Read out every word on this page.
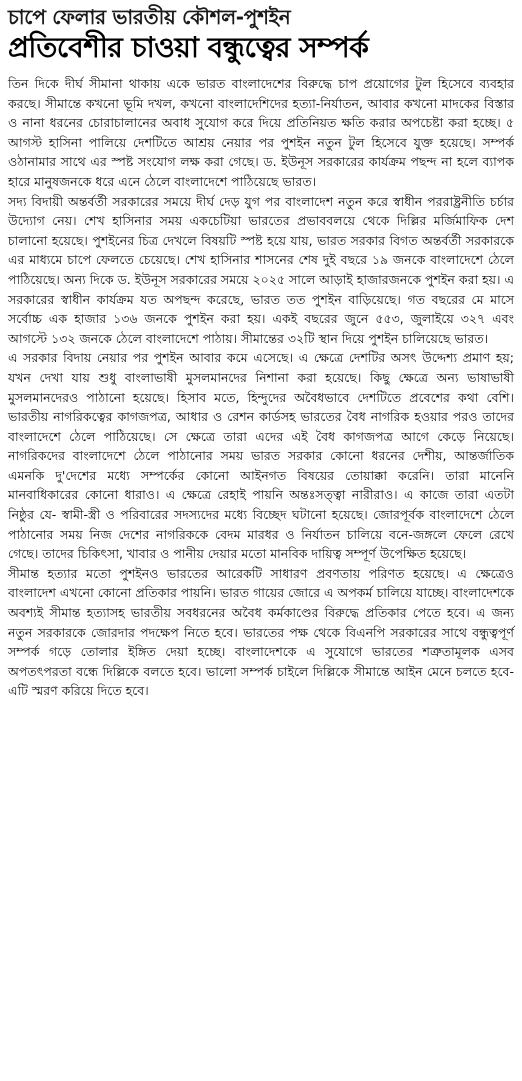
চাপে ফেলার ভারতীয় কৌশল-পুশইন
প্রতিবেশীর চাওয়া বন্ধুত্বের সম্পর্ক

তিন দিকে দীর্ঘ সীমানা থাকায় একে ভারত বাংলাদেশের বিরুদ্ধে চাপ প্রয়োগের টুল হিসেবে ব্যবহার করছে। সীমান্তে কখনো ভূমি দখল, কখনো বাংলাদেশিদের হত্যা-নির্যাতন, আবার কখনো মাদকের বিস্তার ও নানা ধরনের চোরাচালানের অবাধ সুযোগ করে দিয়ে প্রতিনিয়ত ক্ষতি করার অপচেষ্টা করা হচ্ছে। ৫ আগস্ট হাসিনা পালিয়ে দেশটিতে আশ্রয় নেয়ার পর পুশইন নতুন টুল হিসেবে যুক্ত হয়েছে। সম্পর্ক ওঠানামার সাথে এর স্পষ্ট সংযোগ লক্ষ করা গেছে। ড. ইউনূস সরকারের কার্যক্রম পছন্দ না হলে ব্যাপক হারে মানুষজনকে ধরে এনে ঠেলে বাংলাদেশে পাঠিয়েছে ভারত।

সদ্য বিদায়ী অন্তর্বর্তী সরকারের সময়ে দীর্ঘ দেড় যুগ পর বাংলাদেশ নতুন করে স্বাধীন পররাষ্ট্রনীতি চর্চার উদ্যোগ নেয়। শেখ হাসিনার সময় একচেটিয়া ভারতের প্রভাববলয়ে থেকে দিল্লির মর্জিমাফিক দেশ চালানো হয়েছে। পুশইনের চিত্র দেখলে বিষয়টি স্পষ্ট হয়ে যায়, ভারত সরকার বিগত অন্তর্বর্তী সরকারকে এর মাধ্যমে চাপে ফেলতে চেয়েছে। শেখ হাসিনার শাসনের শেষ দুই বছরে ১৯ জনকে বাংলাদেশে ঠেলে পাঠিয়েছে। অন্য দিকে ড. ইউনূস সরকারের সময়ে ২০২৫ সালে আড়াই হাজারজনকে পুশইন করা হয়। এ সরকারের স্বাধীন কার্যক্রম যত অপছন্দ করেছে, ভারত তত পুশইন বাড়িয়েছে। গত বছরের মে মাসে সর্বোচ্চ এক হাজার ১৩৬ জনকে পুশইন করা হয়। একই বছরের জুনে ৫৫৩, জুলাইয়ে ৩২৭ এবং আগস্টে ১৩২ জনকে ঠেলে বাংলাদেশে পাঠায়। সীমান্তের ৩২টি স্থান দিয়ে পুশইন চালিয়েছে ভারত।

এ সরকার বিদায় নেয়ার পর পুশইন আবার কমে এসেছে। এ ক্ষেত্রে দেশটির অসৎ উদ্দেশ্য প্রমাণ হয়; যখন দেখা যায় শুধু বাংলাভাষী মুসলমানদের নিশানা করা হয়েছে। কিছু ক্ষেত্রে অন্য ভাষাভাষী মুসলমানদেরও পাঠানো হয়েছে। হিসাব মতে, হিন্দুদের অবৈধভাবে দেশটিতে প্রবেশের কথা বেশি। ভারতীয় নাগরিকত্বের কাগজপত্র, আধার ও রেশন কার্ডসহ ভারতের বৈধ নাগরিক হওয়ার পরও তাদের বাংলাদেশে ঠেলে পাঠিয়েছে। সে ক্ষেত্রে তারা এদের এই বৈধ কাগজপত্র আগে কেড়ে নিয়েছে। নাগরিকদের বাংলাদেশে ঠেলে পাঠানোর সময় ভারত সরকার কোনো ধরনের দেশীয়, আন্তর্জাতিক এমনকি দু'দেশের মধ্যে সম্পর্কের কোনো আইনগত বিষয়ের তোয়াক্কা করেনি। তারা মানেনি মানবাধিকারের কোনো ধারাও। এ ক্ষেত্রে রেহাই পায়নি অন্তঃসত্ত্বা নারীরাও। এ কাজে তারা এতটা নিষ্ঠুর যে- স্বামী-স্ত্রী ও পরিবারের সদস্যদের মধ্যে বিচ্ছেদ ঘটানো হয়েছে। জোরপূর্বক বাংলাদেশে ঠেলে পাঠানোর সময় নিজ দেশের নাগরিককে বেদম মারধর ও নির্যাতন চালিয়ে বনে-জঙ্গলে ফেলে রেখে গেছে। তাদের চিকিৎসা, খাবার ও পানীয় দেয়ার মতো মানবিক দায়িত্ব সম্পূর্ণ উপেক্ষিত হয়েছে।

সীমান্ত হত্যার মতো পুশইনও ভারতের আরেকটি সাধারণ প্রবণতায় পরিণত হয়েছে। এ ক্ষেত্রেও বাংলাদেশ এখনো কোনো প্রতিকার পায়নি। ভারত গায়ের জোরে এ অপকর্ম চালিয়ে যাচ্ছে। বাংলাদেশকে অবশ্যই সীমান্ত হত্যাসহ ভারতীয় সবধরনের অবৈধ কর্মকাণ্ডের বিরুদ্ধে প্রতিকার পেতে হবে। এ জন্য নতুন সরকারকে জোরদার পদক্ষেপ নিতে হবে। ভারতের পক্ষ থেকে বিএনপি সরকারের সাথে বন্ধুত্বপূর্ণ সম্পর্ক গড়ে তোলার ইঙ্গিত দেয়া হচ্ছে। বাংলাদেশকে এ সুযোগে ভারতের শত্রুতামূলক এসব অপতৎপরতা বন্ধে দিল্লিকে বলতে হবে। ভালো সম্পর্ক চাইলে দিল্লিকে সীমান্তে আইন মেনে চলতে হবে- এটি স্মরণ করিয়ে দিতে হবে।
